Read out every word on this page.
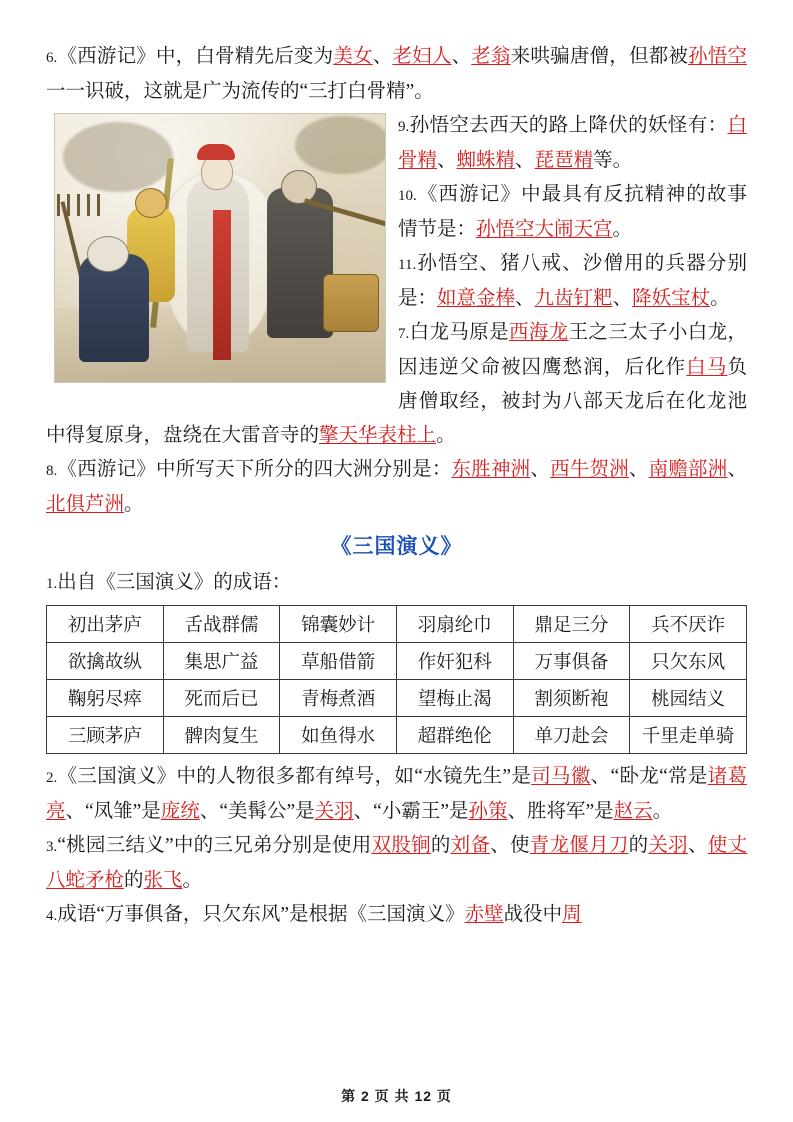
6.《西游记》中，白骨精先后变为美女、老妇人、老翁来哄骗唐僧，但都被孙悟空一一识破，这就是广为流传的“三打白骨精”。

9.孙悟空去西天的路上降伏的妖怪有：白骨精、蜘蛛精、琵琶精等。

10.《西游记》中最具有反抗精神的故事情节是：孙悟空大闹天宫。

11.孙悟空、猪八戒、沙僧用的兵器分别是：如意金棒、九齿钉粑、降妖宝杖。

7.白龙马原是西海龙王之三太子小白龙，因违逆父命被囚鹰愁润，后化作白马负唐僧取经，被封为八部天龙后在化龙池中得复原身，盘绕在大雷音寺的擎天华表柱上。

8.《西游记》中所写天下所分的四大洲分别是：东胜神洲、西牛贺洲、南赡部洲、北俱芦洲。

《三国演义》

1.出自《三国演义》的成语：

初出茅庐	舌战群儒	锦囊妙计	羽扇纶巾	鼎足三分	兵不厌诈
欲擒故纵	集思广益	草船借箭	作奸犯科	万事俱备	只欠东风
鞠躬尽瘁	死而后已	青梅煮酒	望梅止渴	割须断袍	桃园结义
三顾茅庐	髀肉复生	如鱼得水	超群绝伦	单刀赴会	千里走单骑

2.《三国演义》中的人物很多都有绰号，如“水镜先生”是司马徽、“卧龙“常是诸葛亮、“凤雏”是庞统、“美髯公”是关羽、“小霸王”是孙策、胜将军”是赵云。

3.“桃园三结义”中的三兄弟分别是使用双股锏的刘备、使青龙偃月刀的关羽、使丈八蛇矛枪的张飞。

4.成语“万事俱备，只欠东风”是根据《三国演义》赤壁战役中周

第 2 页 共 12 页
